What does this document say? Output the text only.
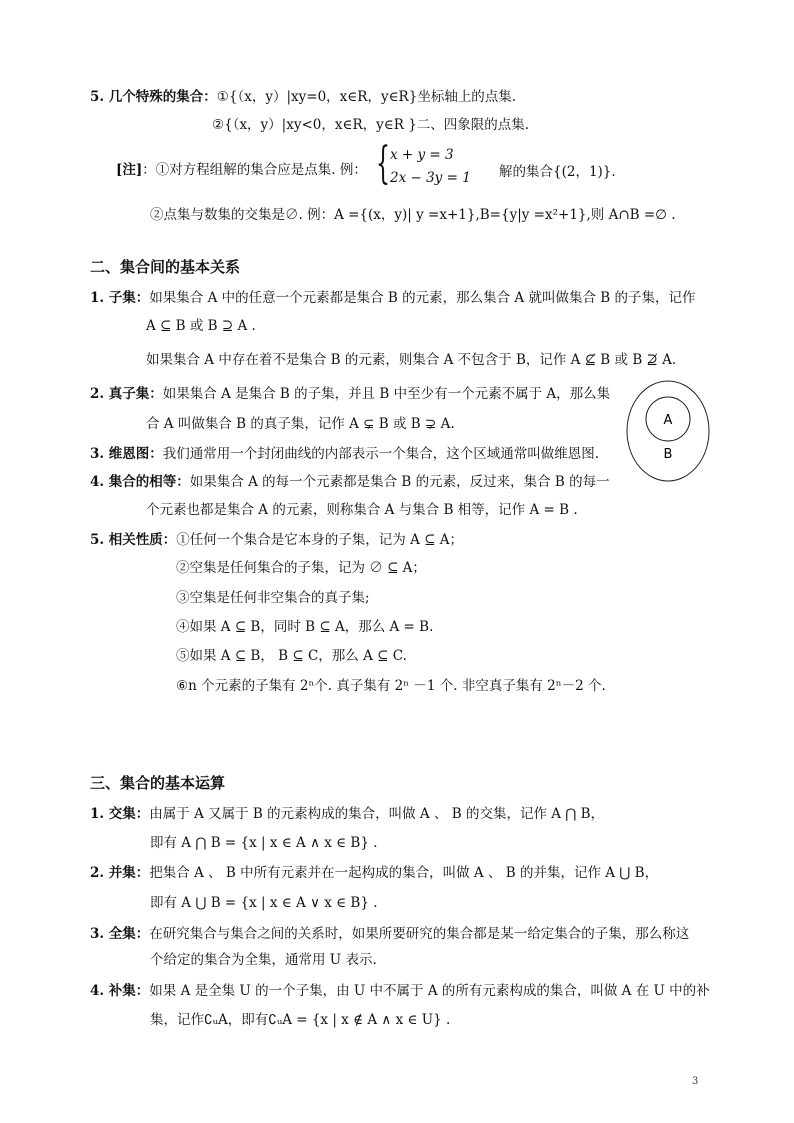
5. 几个特殊的集合：①{（x，y）|xy=0，x∈R，y∈R}坐标轴上的点集.
②{（x，y）|xy<0，x∈R，y∈R }二、四象限的点集.
[注]：①对方程组解的集合应是点集. 例： { x + y = 3
2x − 3y = 1 解的集合{(2，1)}.
②点集与数集的交集是∅. 例：A ={(x，y)| y =x+1},B={y|y =x²+1},则 A∩B =∅ .
二、集合间的基本关系
1. 子集：如果集合 A 中的任意一个元素都是集合 B 的元素，那么集合 A 就叫做集合 B 的子集，记作
A ⊆ B 或 B ⊇ A .
如果集合 A 中存在着不是集合 B 的元素，则集合 A 不包含于 B，记作 A ⊈ B 或 B ⊉ A.
2. 真子集：如果集合 A 是集合 B 的子集，并且 B 中至少有一个元素不属于 A，那么集
合 A 叫做集合 B 的真子集，记作 A ⊊ B 或 B ⊋ A.
3. 维恩图：我们通常用一个封闭曲线的内部表示一个集合，这个区域通常叫做维恩图.
4. 集合的相等：如果集合 A 的每一个元素都是集合 B 的元素，反过来，集合 B 的每一
个元素也都是集合 A 的元素，则称集合 A 与集合 B 相等，记作 A = B .
5. 相关性质：①任何一个集合是它本身的子集，记为 A ⊆ A；
②空集是任何集合的子集，记为 ∅ ⊆ A；
③空集是任何非空集合的真子集;
④如果 A ⊆ B，同时 B ⊆ A，那么 A = B.
⑤如果 A ⊆ B， B ⊆ C，那么 A ⊆ C.
⑥n 个元素的子集有 2ⁿ个. 真子集有 2ⁿ －1 个. 非空真子集有 2ⁿ－2 个.
A
B
三、集合的基本运算
1. 交集：由属于 A 又属于 B 的元素构成的集合，叫做 A 、 B 的交集，记作 A ⋂ B，
即有 A ⋂ B = {x | x ∈ A ∧ x ∈ B} .
2. 并集：把集合 A 、 B 中所有元素并在一起构成的集合，叫做 A 、 B 的并集，记作 A ⋃ B，
即有 A ⋃ B = {x | x ∈ A ∨ x ∈ B} .
3. 全集：在研究集合与集合之间的关系时，如果所要研究的集合都是某一给定集合的子集，那么称这
个给定的集合为全集，通常用 U 表示.
4. 补集：如果 A 是全集 U 的一个子集，由 U 中不属于 A 的所有元素构成的集合，叫做 A 在 U 中的补
集，记作∁ᵤA，即有∁ᵤA = {x | x ∉ A ∧ x ∈ U} .
3
